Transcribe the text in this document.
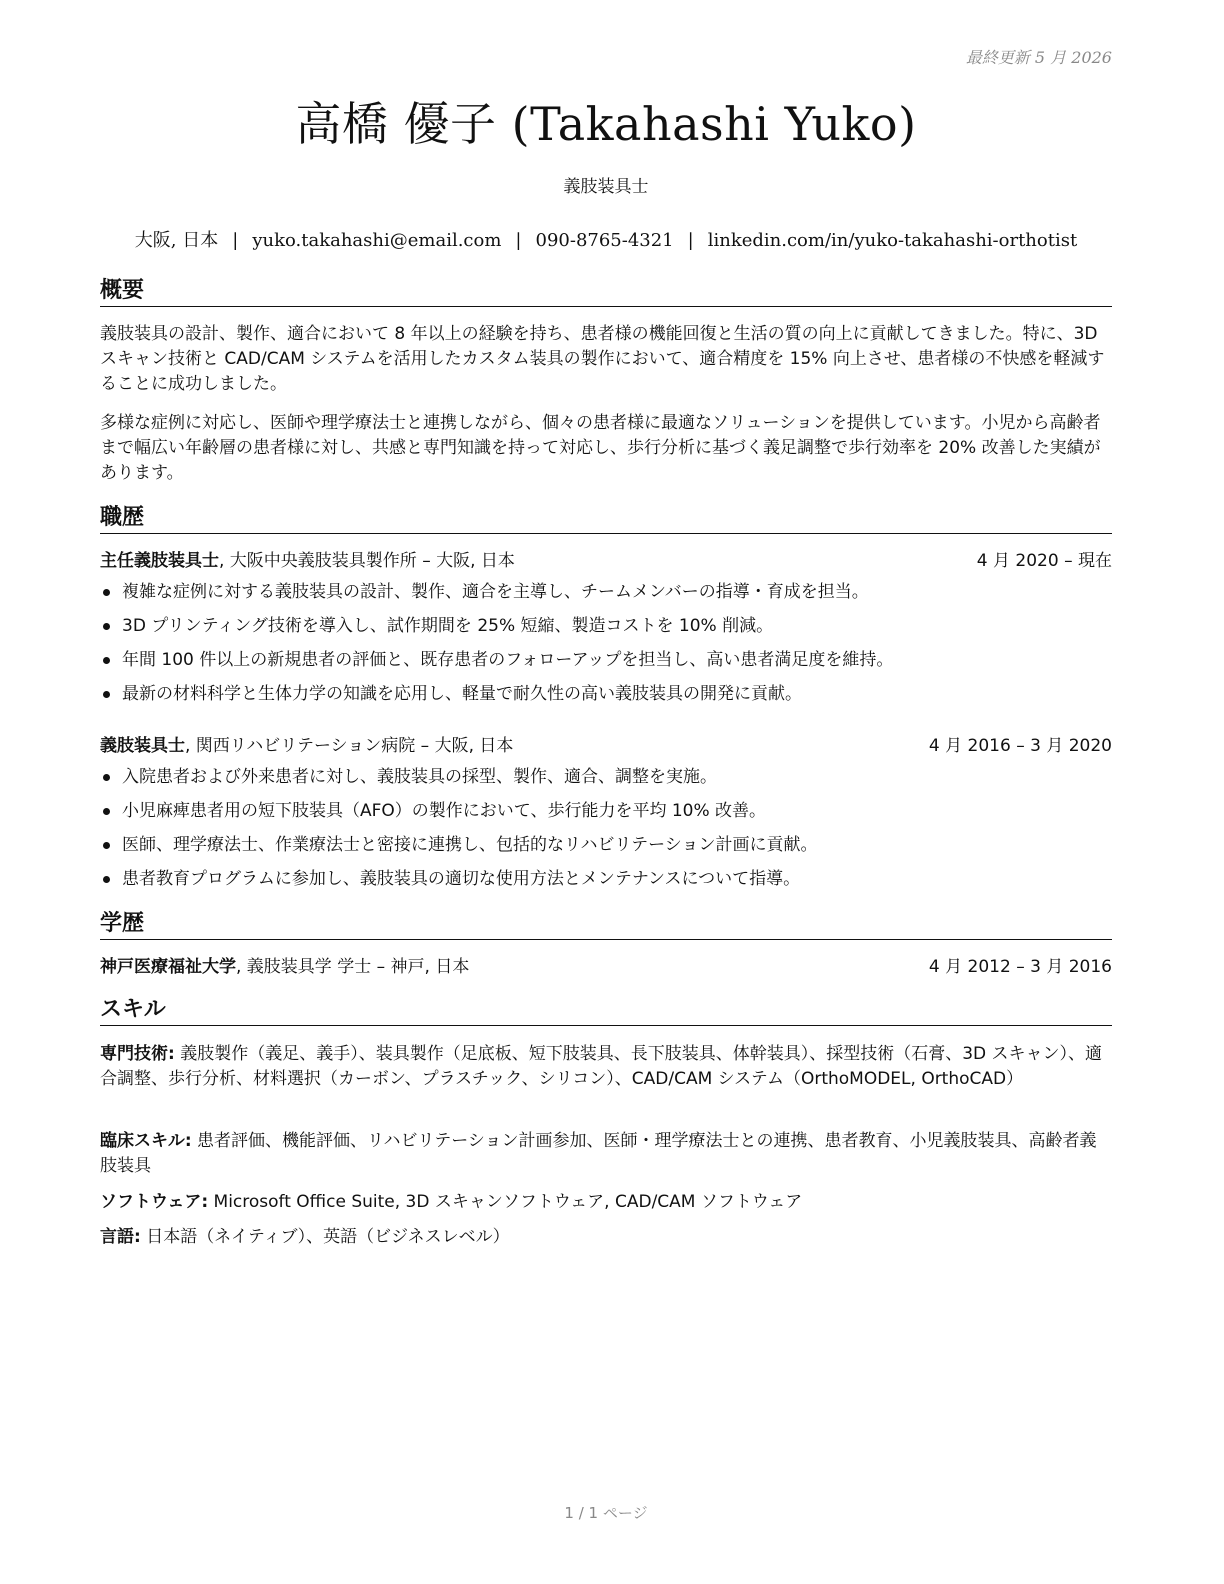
最終更新 5 月 2026
高橋 優子 (Takahashi Yuko)
義肢装具士
大阪, 日本 | yuko.takahashi@email.com | 090-8765-4321 | linkedin.com/in/yuko-takahashi-orthotist
概要
義肢装具の設計、製作、適合において 8 年以上の経験を持ち、患者様の機能回復と生活の質の向上に貢献してきました。特に、3D スキャン技術と CAD/CAM システムを活用したカスタム装具の製作において、適合精度を 15% 向上させ、患者様の不快感を軽減することに成功しました。
多様な症例に対応し、医師や理学療法士と連携しながら、個々の患者様に最適なソリューションを提供しています。小児から高齢者まで幅広い年齢層の患者様に対し、共感と専門知識を持って対応し、歩行分析に基づく義足調整で歩行効率を 20% 改善した実績があります。
職歴
主任義肢装具士, 大阪中央義肢装具製作所 – 大阪, 日本	4 月 2020 – 現在
複雑な症例に対する義肢装具の設計、製作、適合を主導し、チームメンバーの指導・育成を担当。
3D プリンティング技術を導入し、試作期間を 25% 短縮、製造コストを 10% 削減。
年間 100 件以上の新規患者の評価と、既存患者のフォローアップを担当し、高い患者満足度を維持。
最新の材料科学と生体力学の知識を応用し、軽量で耐久性の高い義肢装具の開発に貢献。
義肢装具士, 関西リハビリテーション病院 – 大阪, 日本	4 月 2016 – 3 月 2020
入院患者および外来患者に対し、義肢装具の採型、製作、適合、調整を実施。
小児麻痺患者用の短下肢装具（AFO）の製作において、歩行能力を平均 10% 改善。
医師、理学療法士、作業療法士と密接に連携し、包括的なリハビリテーション計画に貢献。
患者教育プログラムに参加し、義肢装具の適切な使用方法とメンテナンスについて指導。
学歴
神戸医療福祉大学, 義肢装具学 学士 – 神戸, 日本	4 月 2012 – 3 月 2016
スキル
専門技術: 義肢製作（義足、義手）、装具製作（足底板、短下肢装具、長下肢装具、体幹装具）、採型技術（石膏、3D スキャン）、適合調整、歩行分析、材料選択（カーボン、プラスチック、シリコン）、CAD/CAM システム（OrthoMODEL, OrthoCAD）
臨床スキル: 患者評価、機能評価、リハビリテーション計画参加、医師・理学療法士との連携、患者教育、小児義肢装具、高齢者義肢装具
ソフトウェア: Microsoft Office Suite, 3D スキャンソフトウェア, CAD/CAM ソフトウェア
言語: 日本語（ネイティブ）、英語（ビジネスレベル）
1 / 1 ページ
